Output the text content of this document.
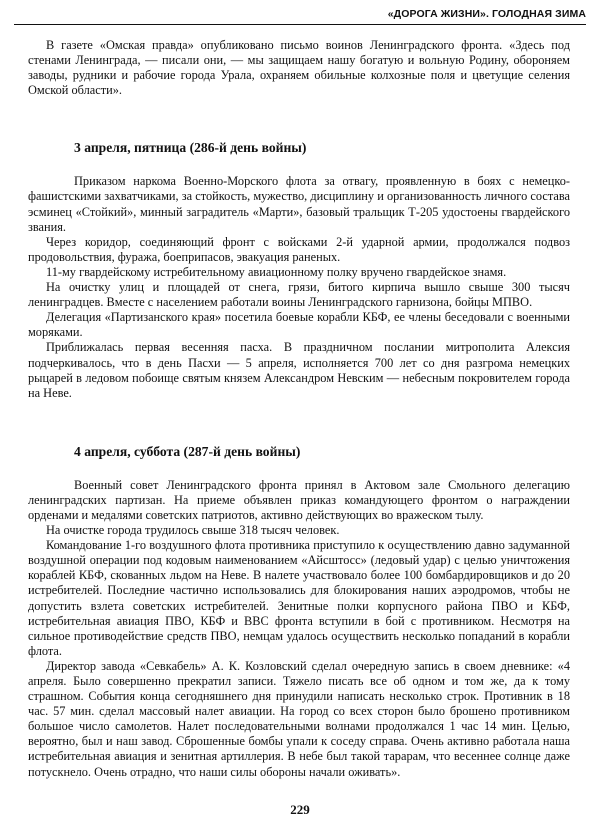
«ДОРОГА ЖИЗНИ». ГОЛОДНАЯ ЗИМА

В газете «Омская правда» опубликовано письмо воинов Ленинградского фронта. «Здесь под стенами Ленинграда, — писали они, — мы защищаем нашу богатую и вольную Родину, обороняем заводы, рудники и рабочие города Урала, охраняем обильные колхозные поля и цветущие селения Омской области».

3 апреля, пятница (286-й день войны)

Приказом наркома Военно-Морского флота за отвагу, проявленную в боях с немецко-фашистскими захватчиками, за стойкость, мужество, дисциплину и организованность личного состава эсминец «Стойкий», минный заградитель «Марти», базовый тральщик Т-205 удостоены гвардейского звания.

Через коридор, соединяющий фронт с войсками 2-й ударной армии, продолжался подвоз продовольствия, фуража, боеприпасов, эвакуация раненых.

11-му гвардейскому истребительному авиационному полку вручено гвардейское знамя.

На очистку улиц и площадей от снега, грязи, битого кирпича вышло свыше 300 тысяч ленинградцев. Вместе с населением работали воины Ленинградского гарнизона, бойцы МПВО.

Делегация «Партизанского края» посетила боевые корабли КБФ, ее члены беседовали с военными моряками.

Приближалась первая весенняя пасха. В праздничном послании митрополита Алексия подчеркивалось, что в день Пасхи — 5 апреля, исполняется 700 лет со дня разгрома немецких рыцарей в ледовом побоище святым князем Александром Невским — небесным покровителем города на Неве.

4 апреля, суббота (287-й день войны)

Военный совет Ленинградского фронта принял в Актовом зале Смольного делегацию ленинградских партизан. На приеме объявлен приказ командующего фронтом о награждении орденами и медалями советских патриотов, активно действующих во вражеском тылу.

На очистке города трудилось свыше 318 тысяч человек.

Командование 1-го воздушного флота противника приступило к осуществлению давно задуманной воздушной операции под кодовым наименованием «Айсштосс» (ледовый удар) с целью уничтожения кораблей КБФ, скованных льдом на Неве. В налете участвовало более 100 бомбардировщиков и до 20 истребителей. Последние частично использовались для блокирования наших аэродромов, чтобы не допустить взлета советских истребителей. Зенитные полки корпусного района ПВО и КБФ, истребительная авиация ПВО, КБФ и ВВС фронта вступили в бой с противником. Несмотря на сильное противодействие средств ПВО, немцам удалось осуществить несколько попаданий в корабли флота.

Директор завода «Севкабель» А. К. Козловский сделал очередную запись в своем дневнике: «4 апреля. Было совершенно прекратил записи. Тяжело писать все об одном и том же, да к тому страшном. События конца сегодняшнего дня принудили написать несколько строк. Противник в 18 час. 57 мин. сделал массовый налет авиации. На город со всех сторон было брошено противником большое число самолетов. Налет последовательными волнами продолжался 1 час 14 мин. Целью, вероятно, был и наш завод. Сброшенные бомбы упали к соседу справа. Очень активно работала наша истребительная авиация и зенитная артиллерия. В небе был такой тарарам, что весеннее солнце даже потускнело. Очень отрадно, что наши силы обороны начали оживать».

229
